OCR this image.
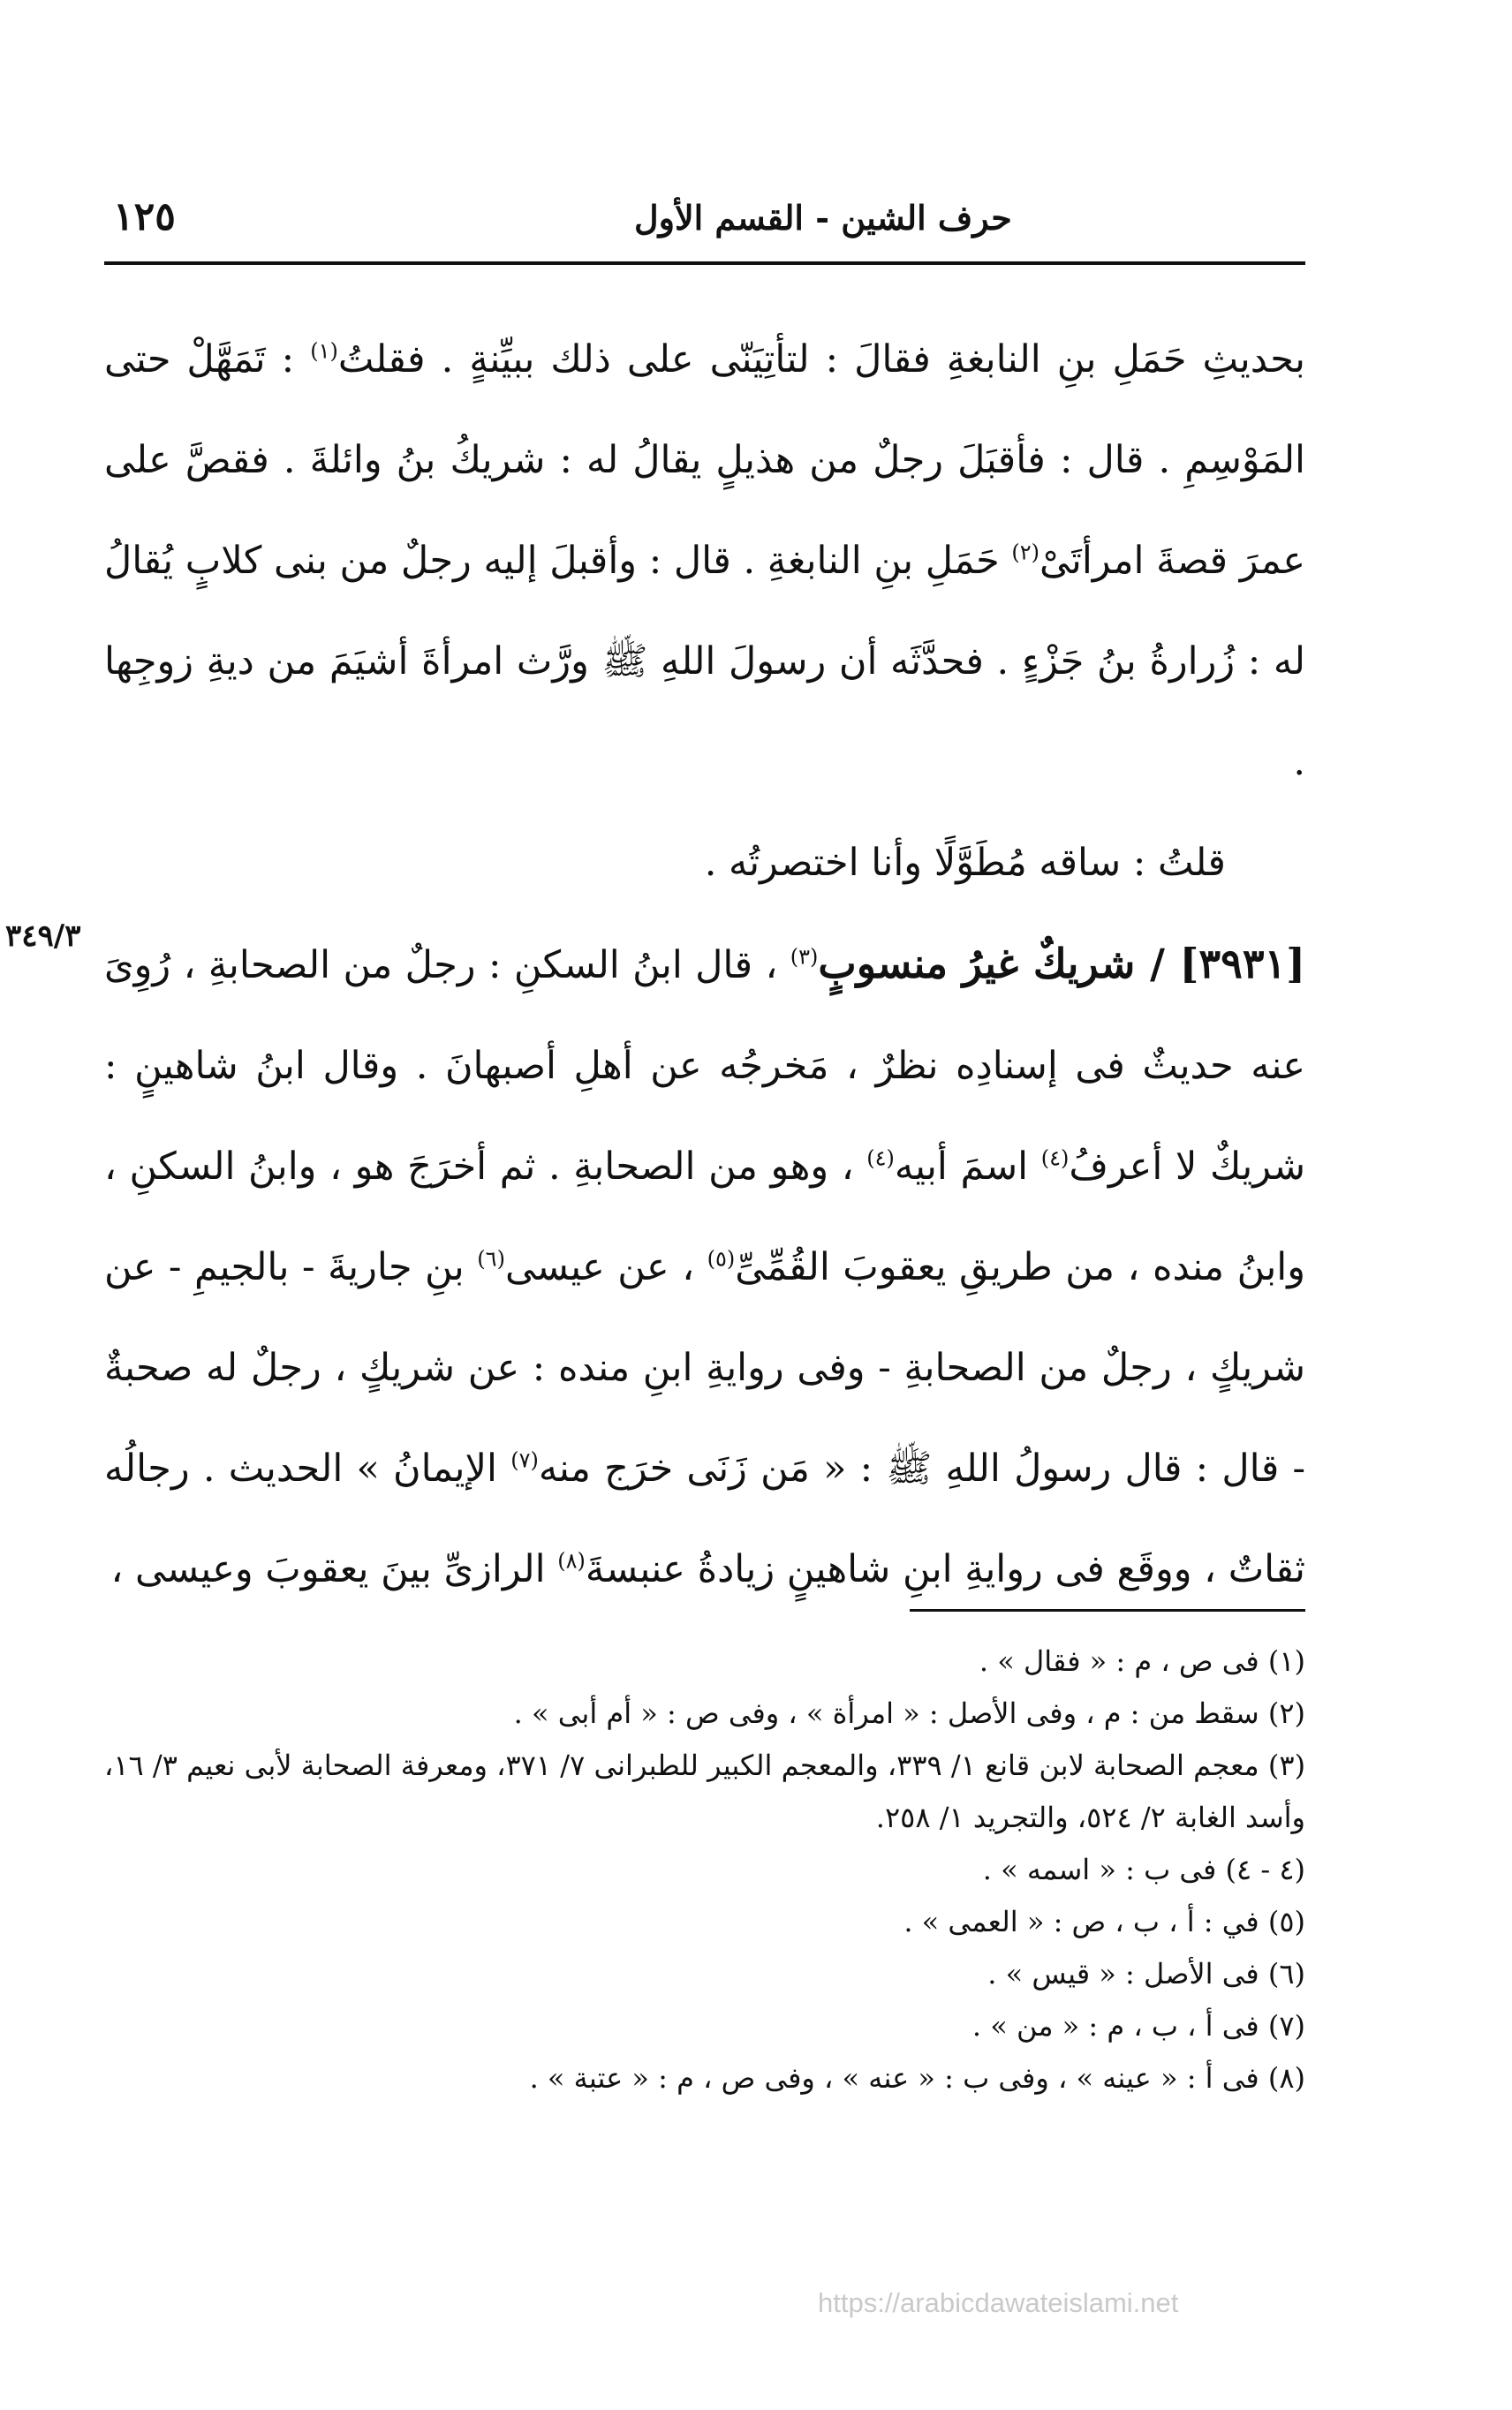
١٢٥	حرف الشين - القسم الأول
٣٤٩/٣

بحديثِ حَمَلِ بنِ النابغةِ فقالَ : لتأتِيَنّى على ذلك ببيِّنةٍ . فقلتُ$^{(١)}$ : تَمَهَّلْ حتى المَوْسِمِ . قال : فأقبَلَ رجلٌ من هذيلٍ يقالُ له : شريكُ بنُ وائلةَ . فقصَّ على عمرَ قصةَ امرأتَىْ$^{(٢)}$ حَمَلِ بنِ النابغةِ . قال : وأقبلَ إليه رجلٌ من بنى كلابٍ يُقالُ له : زُرارةُ بنُ جَزْءٍ . فحدَّثَه أن رسولَ اللهِ ﷺ ورَّث امرأةَ أشيَمَ من ديةِ زوجِها .

قلتُ : ساقه مُطَوَّلًا وأنا اختصرتُه .

[٣٩٣١] / شريكٌ غيرُ منسوبٍ$^{(٣)}$ ، قال ابنُ السكنِ : رجلٌ من الصحابةِ ، رُوِىَ عنه حديثٌ فى إسنادِه نظرٌ ، مَخرجُه عن أهلِ أصبهانَ . وقال ابنُ شاهينٍ : شريكٌ لا أعرفُ$^{(٤)}$ اسمَ أبيه$^{(٤)}$ ، وهو من الصحابةِ . ثم أخرَجَ هو ، وابنُ السكنِ ، وابنُ منده ، من طريقِ يعقوبَ القُمِّىِّ$^{(٥)}$ ، عن عيسى$^{(٦)}$ بنِ جاريةَ - بالجيمِ - عن شريكٍ ، رجلٌ من الصحابةِ - وفى روايةِ ابنِ منده : عن شريكٍ ، رجلٌ له صحبةٌ - قال : قال رسولُ اللهِ ﷺ : « مَن زَنَى خرَج منه$^{(٧)}$ الإيمانُ » الحديث . رجالُه ثقاتٌ ، ووقَع فى روايةِ ابنِ شاهينٍ زيادةُ عنبسةَ$^{(٨)}$ الرازىِّ بينَ يعقوبَ وعيسى ،

(١) فى ص ، م : « فقال » .

(٢) سقط من : م ، وفى الأصل : « امرأة » ، وفى ص : « أم أبى » .

(٣) معجم الصحابة لابن قانع ١/ ٣٣٩، والمعجم الكبير للطبرانى ٧/ ٣٧١، ومعرفة الصحابة لأبى نعيم ٣/ ١٦، وأسد الغابة ٢/ ٥٢٤، والتجريد ١/ ٢٥٨.

(٤ - ٤) فى ب : « اسمه » .

(٥) في : أ ، ب ، ص : « العمى » .

(٦) فى الأصل : « قيس » .

(٧) فى أ ، ب ، م : « من » .

(٨) فى أ : « عينه » ، وفى ب : « عنه » ، وفى ص ، م : « عتبة » .

https://arabicdawateislami.net
